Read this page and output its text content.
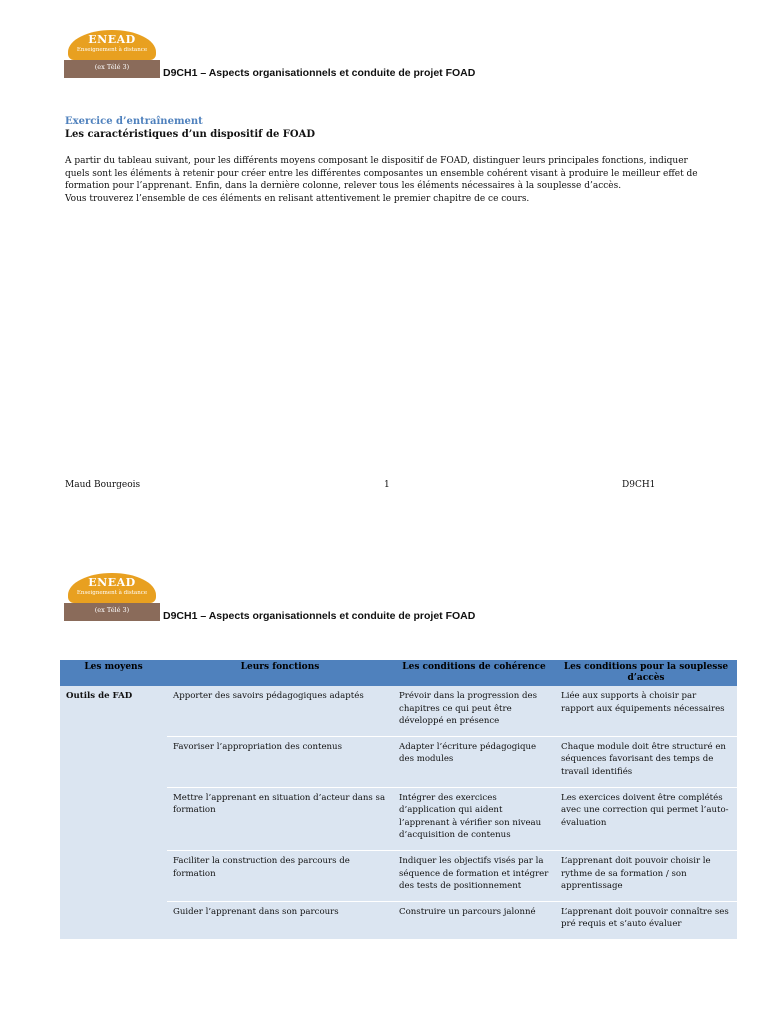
ENEAD
Enseignement à distance
(ex Télé 3)	D9CH1 – Aspects organisationnels et conduite de projet FOAD
Exercice d’entraînement
Les caractéristiques d’un dispositif de FOAD
A partir du tableau suivant, pour les différents moyens composant le dispositif de FOAD, distinguer leurs principales fonctions, indiquer quels sont les éléments à retenir pour créer entre les différentes composantes un ensemble cohérent visant à produire le meilleur effet de formation pour l’apprenant. Enfin, dans la dernière colonne, relever tous les éléments nécessaires à la souplesse d’accès.
Vous trouverez l’ensemble de ces éléments en relisant attentivement le premier chapitre de ce cours.
Maud Bourgeois	1	D9CH1
ENEAD
Enseignement à distance
(ex Télé 3)	D9CH1 – Aspects organisationnels et conduite de projet FOAD
Les moyens	Leurs fonctions	Les conditions de cohérence	Les conditions pour la souplesse d’accès
Outils de FAD	Apporter des savoirs pédagogiques adaptés	Prévoir dans la progression des chapitres ce qui peut être développé en présence	Liée aux supports à choisir par rapport aux équipements nécessaires
	Favoriser l’appropriation des contenus	Adapter l’écriture pédagogique des modules	Chaque module doit être structuré en séquences favorisant des temps de travail identifiés
	Mettre l’apprenant en situation d’acteur dans sa formation	Intégrer des exercices d’application qui aident l’apprenant à vérifier son niveau d’acquisition de contenus	Les exercices doivent être complétés avec une correction qui permet l’auto-évaluation
	Faciliter la construction des parcours de formation	Indiquer les objectifs visés par la séquence de formation et intégrer des tests de positionnement	L’apprenant doit pouvoir choisir le rythme de sa formation / son apprentissage
	Guider l’apprenant dans son parcours	Construire un parcours jalonné	L’apprenant doit pouvoir connaître ses pré requis et s’auto évaluer
